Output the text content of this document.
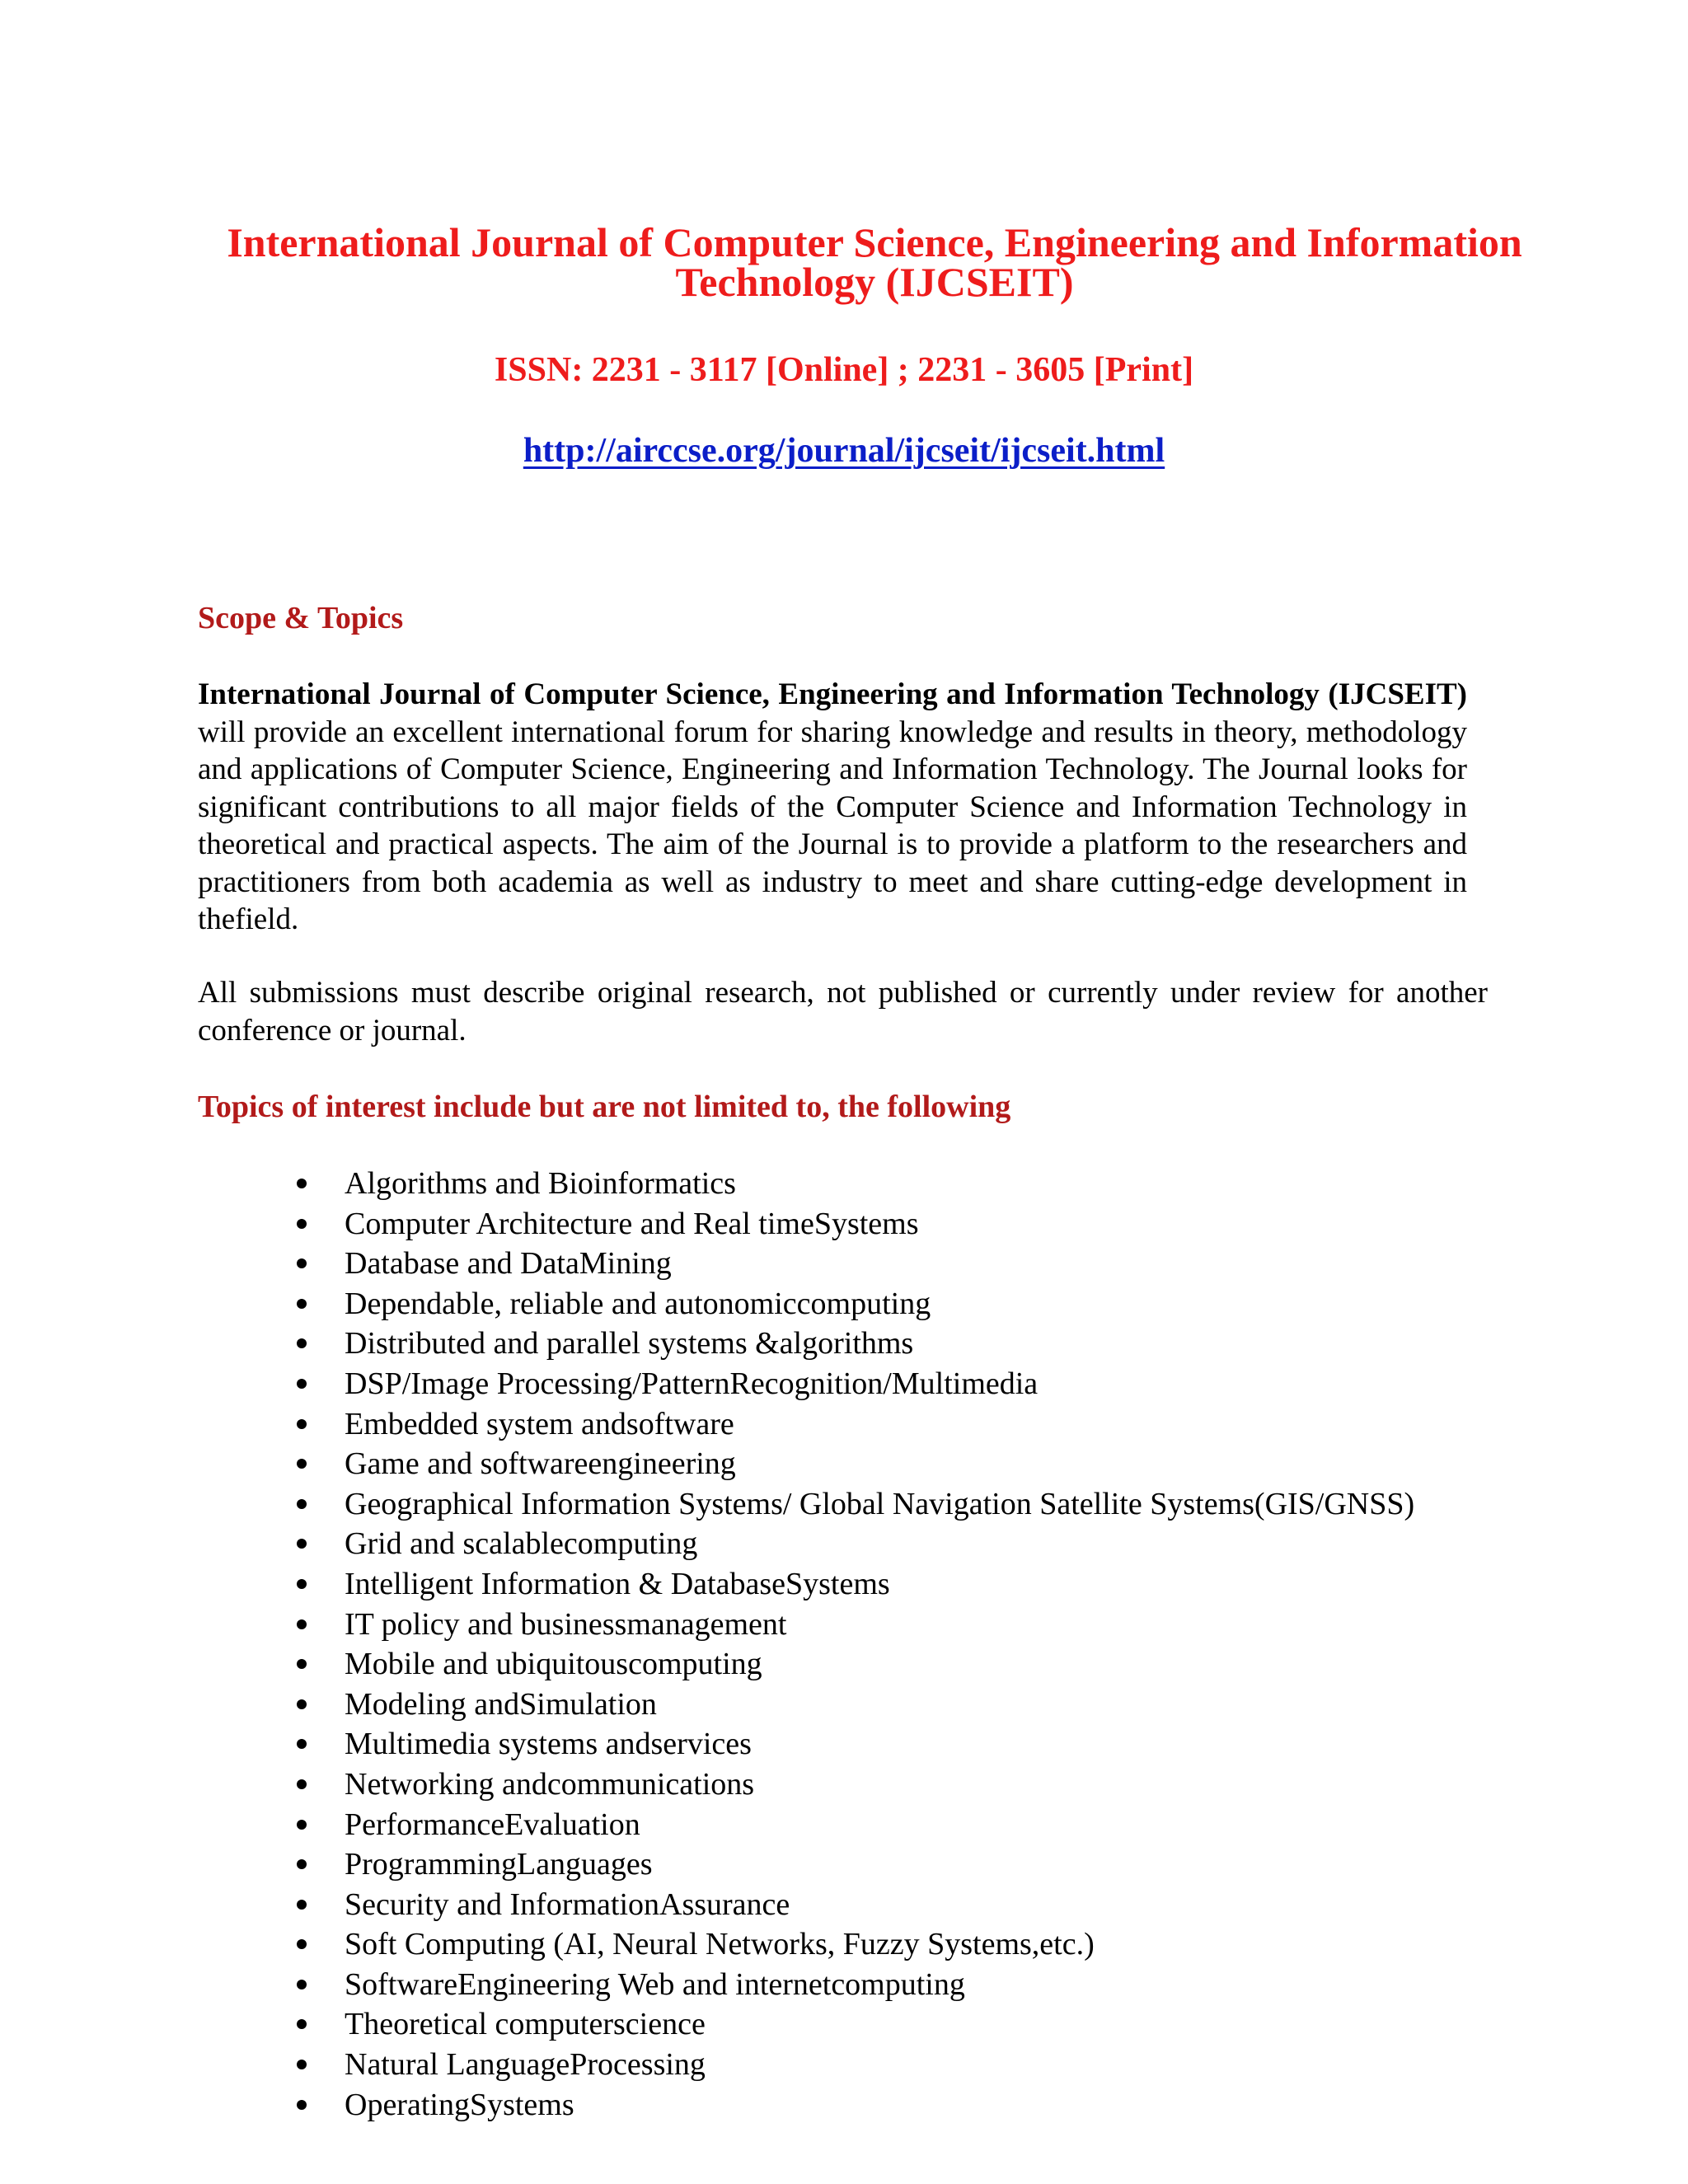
International Journal of Computer Science, Engineering and Information Technology (IJCSEIT)
ISSN: 2231 - 3117 [Online] ; 2231 - 3605 [Print]
http://airccse.org/journal/ijcseit/ijcseit.html
Scope & Topics
International Journal of Computer Science, Engineering and Information Technology (IJCSEIT) will provide an excellent international forum for sharing knowledge and results in theory, methodology and applications of Computer Science, Engineering and Information Technology. The Journal looks for significant contributions to all major fields of the Computer Science and Information Technology in theoretical and practical aspects. The aim of the Journal is to provide a platform to the researchers and practitioners from both academia as well as industry to meet and share cutting-edge development in thefield.
All submissions must describe original research, not published or currently under review for another conference or journal.
Topics of interest include but are not limited to, the following
Algorithms and Bioinformatics
Computer Architecture and Real timeSystems
Database and DataMining
Dependable, reliable and autonomiccomputing
Distributed and parallel systems &algorithms
DSP/Image Processing/PatternRecognition/Multimedia
Embedded system andsoftware
Game and softwareengineering
Geographical Information Systems/ Global Navigation Satellite Systems(GIS/GNSS)
Grid and scalablecomputing
Intelligent Information & DatabaseSystems
IT policy and businessmanagement
Mobile and ubiquitouscomputing
Modeling andSimulation
Multimedia systems andservices
Networking andcommunications
PerformanceEvaluation
ProgrammingLanguages
Security and InformationAssurance
Soft Computing (AI, Neural Networks, Fuzzy Systems,etc.)
SoftwareEngineering Web and internetcomputing
Theoretical computerscience
Natural LanguageProcessing
OperatingSystems
